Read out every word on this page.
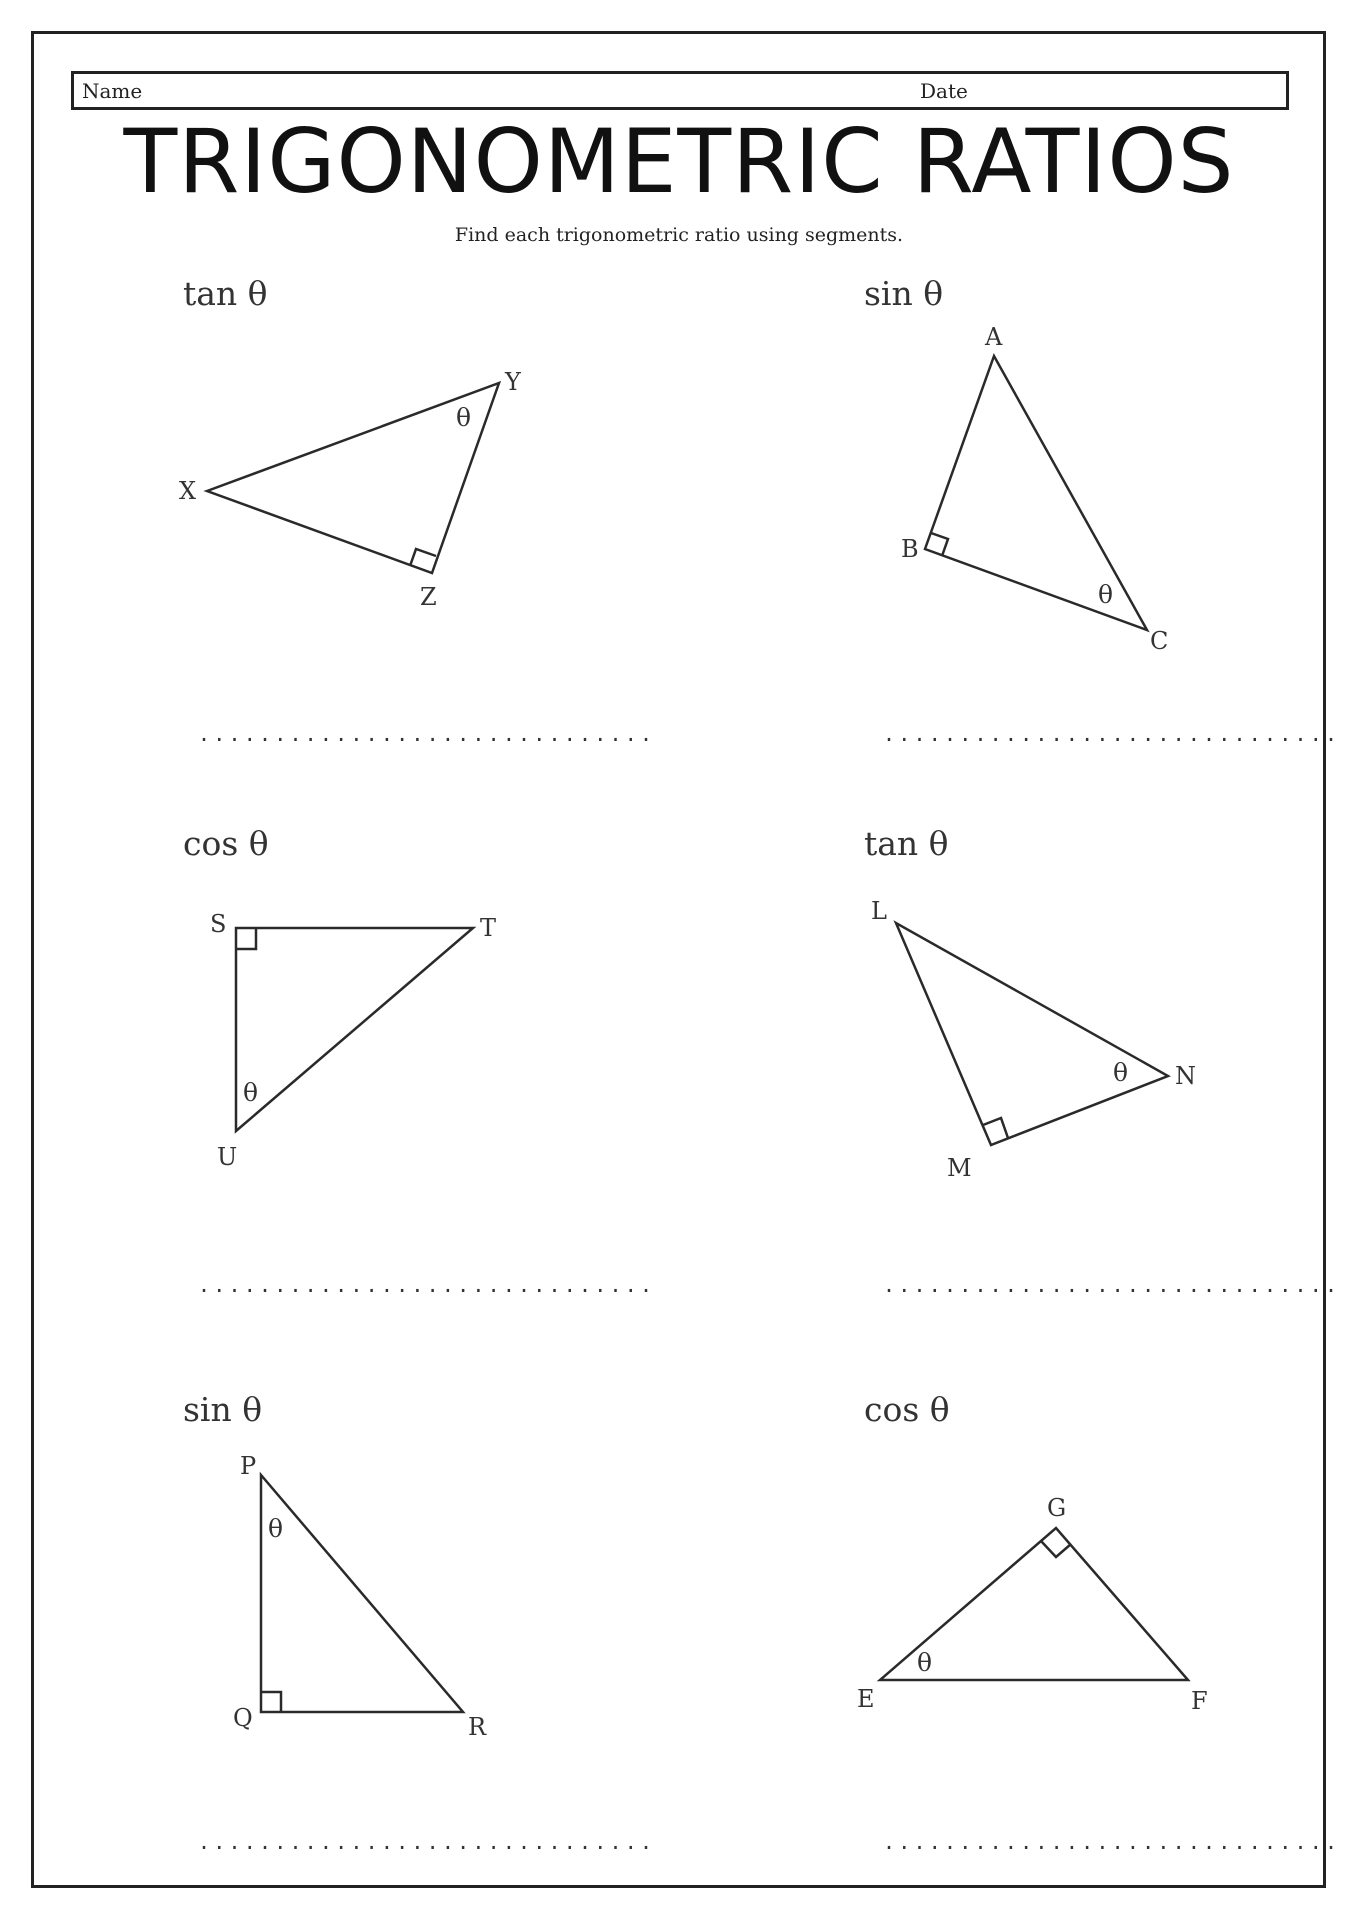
Name	Date
TRIGONOMETRIC RATIOS
Find each trigonometric ratio using segments.
tan θ	sin θ
cos θ	tan θ
sin θ	cos θ
..............................	..............................
..............................	..............................
..............................	..............................
X
Y
Z
θ
A
B
C
θ
S	T
U
θ
L
M
N
θ
P
Q	R
θ
E	F
G
θ
